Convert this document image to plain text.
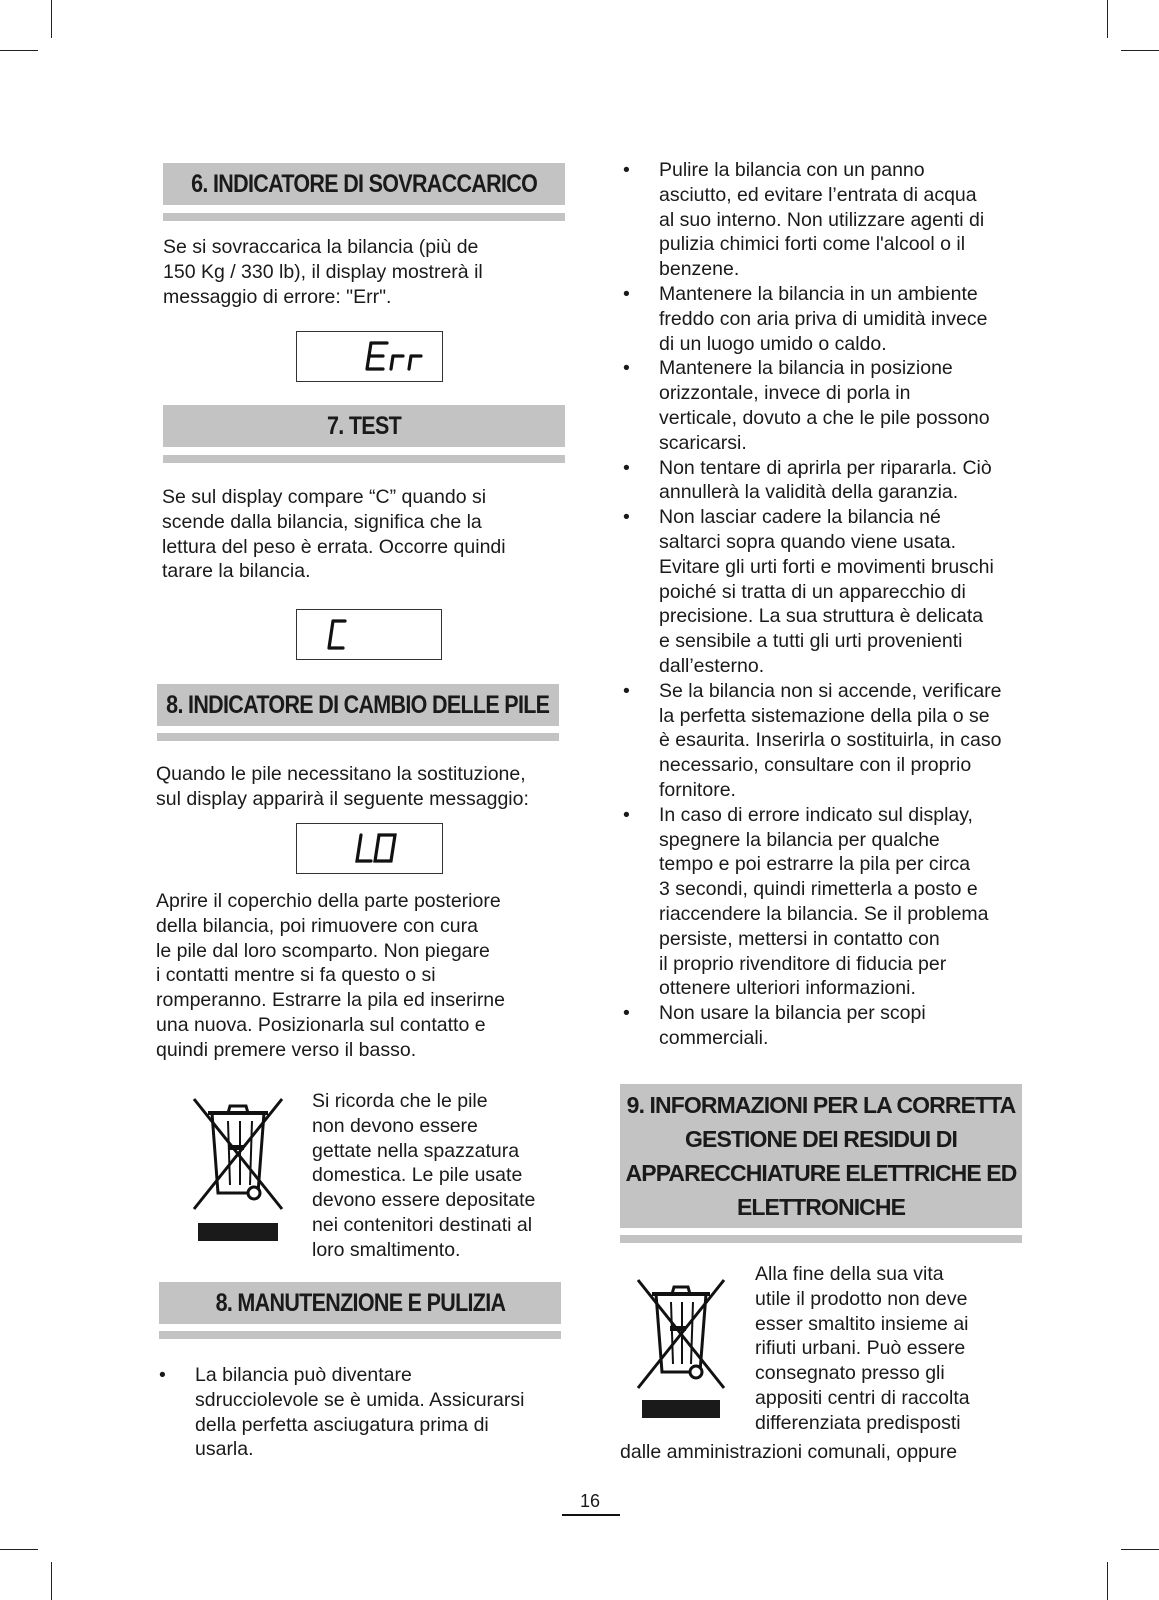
6. INDICATORE DI SOVRACCARICO
Se si sovraccarica la bilancia (più de
150 Kg / 330 lb), il display mostrerà il
messaggio di errore: "Err".
7. TEST
Se sul display compare “C” quando si
scende dalla bilancia, significa che la
lettura del peso è errata. Occorre quindi
tarare la bilancia.
8. INDICATORE DI CAMBIO DELLE PILE
Quando le pile necessitano la sostituzione,
sul display apparirà il seguente messaggio:
Aprire il coperchio della parte posteriore
della bilancia, poi rimuovere con cura
le pile dal loro scomparto. Non piegare
i contatti mentre si fa questo o si
romperanno. Estrarre la pila ed inserirne
una nuova. Posizionarla sul contatto e
quindi premere verso il basso.
Si ricorda che le pile
non devono essere
gettate nella spazzatura
domestica. Le pile usate
devono essere depositate
nei contenitori destinati al
loro smaltimento.
8. MANUTENZIONE E PULIZIA
• La bilancia può diventare
sdrucciolevole se è umida. Assicurarsi
della perfetta asciugatura prima di
usarla.
• Pulire la bilancia con un panno
asciutto, ed evitare l’entrata di acqua
al suo interno. Non utilizzare agenti di
pulizia chimici forti come l'alcool o il
benzene.
• Mantenere la bilancia in un ambiente
freddo con aria priva di umidità invece
di un luogo umido o caldo.
• Mantenere la bilancia in posizione
orizzontale, invece di porla in
verticale, dovuto a che le pile possono
scaricarsi.
• Non tentare di aprirla per ripararla. Ciò
annullerà la validità della garanzia.
• Non lasciar cadere la bilancia né
saltarci sopra quando viene usata.
Evitare gli urti forti e movimenti bruschi
poiché si tratta di un apparecchio di
precisione. La sua struttura è delicata
e sensibile a tutti gli urti provenienti
dall’esterno.
• Se la bilancia non si accende, verificare
la perfetta sistemazione della pila o se
è esaurita. Inserirla o sostituirla, in caso
necessario, consultare con il proprio
fornitore.
• In caso di errore indicato sul display,
spegnere la bilancia per qualche
tempo e poi estrarre la pila per circa
3 secondi, quindi rimetterla a posto e
riaccendere la bilancia. Se il problema
persiste, mettersi in contatto con
il proprio rivenditore di fiducia per
ottenere ulteriori informazioni.
• Non usare la bilancia per scopi
commerciali.
9. INFORMAZIONI PER LA CORRETTA
GESTIONE DEI RESIDUI DI
APPARECCHIATURE ELETTRICHE ED
ELETTRONICHE
Alla fine della sua vita
utile il prodotto non deve
esser smaltito insieme ai
rifiuti urbani. Può essere
consegnato presso gli
appositi centri di raccolta
differenziata predisposti
dalle amministrazioni comunali, oppure
16
